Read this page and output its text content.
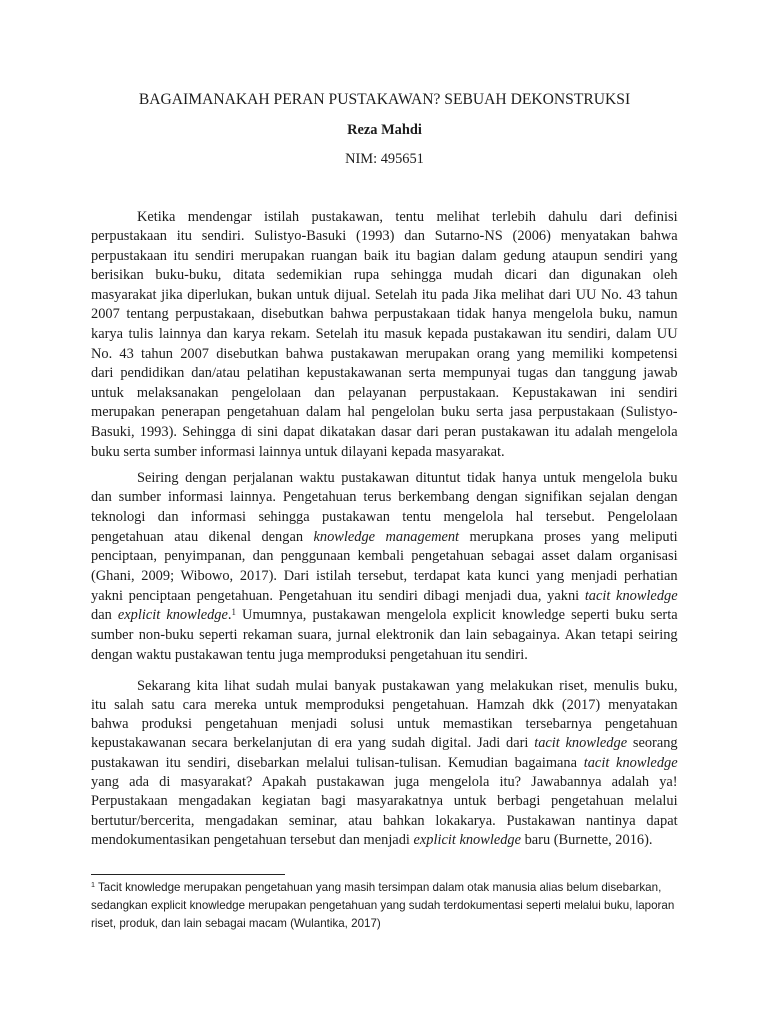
BAGAIMANAKAH PERAN PUSTAKAWAN? SEBUAH DEKONSTRUKSI
Reza Mahdi
NIM: 495651
Ketika mendengar istilah pustakawan, tentu melihat terlebih dahulu dari definisi
perpustakaan itu sendiri. Sulistyo-Basuki (1993) dan Sutarno-NS (2006) menyatakan bahwa
perpustakaan itu sendiri merupakan ruangan baik itu bagian dalam gedung ataupun sendiri yang
berisikan buku-buku, ditata sedemikian rupa sehingga mudah dicari dan digunakan oleh
masyarakat jika diperlukan, bukan untuk dijual. Setelah itu pada Jika melihat dari UU No. 43 tahun
2007 tentang perpustakaan, disebutkan bahwa perpustakaan tidak hanya mengelola buku, namun
karya tulis lainnya dan karya rekam. Setelah itu masuk kepada pustakawan itu sendiri, dalam UU
No. 43 tahun 2007 disebutkan bahwa pustakawan merupakan orang yang memiliki kompetensi
dari pendidikan dan/atau pelatihan kepustakawanan serta mempunyai tugas dan tanggung jawab
untuk melaksanakan pengelolaan dan pelayanan perpustakaan. Kepustakawan ini sendiri
merupakan penerapan pengetahuan dalam hal pengelolan buku serta jasa perpustakaan (Sulistyo-
Basuki, 1993). Sehingga di sini dapat dikatakan dasar dari peran pustakawan itu adalah mengelola
buku serta sumber informasi lainnya untuk dilayani kepada masyarakat.
Seiring dengan perjalanan waktu pustakawan dituntut tidak hanya untuk mengelola buku
dan sumber informasi lainnya. Pengetahuan terus berkembang dengan signifikan sejalan dengan
teknologi dan informasi sehingga pustakawan tentu mengelola hal tersebut. Pengelolaan
pengetahuan atau dikenal dengan knowledge management merupkana proses yang meliputi
penciptaan, penyimpanan, dan penggunaan kembali pengetahuan sebagai asset dalam organisasi
(Ghani, 2009; Wibowo, 2017). Dari istilah tersebut, terdapat kata kunci yang menjadi perhatian
yakni penciptaan pengetahuan. Pengetahuan itu sendiri dibagi menjadi dua, yakni tacit knowledge
dan explicit knowledge.$^1$ Umumnya, pustakawan mengelola explicit knowledge seperti buku serta
sumber non-buku seperti rekaman suara, jurnal elektronik dan lain sebagainya. Akan tetapi seiring
dengan waktu pustakawan tentu juga memproduksi pengetahuan itu sendiri.
Sekarang kita lihat sudah mulai banyak pustakawan yang melakukan riset, menulis buku,
itu salah satu cara mereka untuk memproduksi pengetahuan. Hamzah dkk (2017) menyatakan
bahwa produksi pengetahuan menjadi solusi untuk memastikan tersebarnya pengetahuan
kepustakawanan secara berkelanjutan di era yang sudah digital. Jadi dari tacit knowledge seorang
pustakawan itu sendiri, disebarkan melalui tulisan-tulisan. Kemudian bagaimana tacit knowledge
yang ada di masyarakat? Apakah pustakawan juga mengelola itu? Jawabannya adalah ya!
Perpustakaan mengadakan kegiatan bagi masyarakatnya untuk berbagi pengetahuan melalui
bertutur/bercerita, mengadakan seminar, atau bahkan lokakarya. Pustakawan nantinya dapat
mendokumentasikan pengetahuan tersebut dan menjadi explicit knowledge baru (Burnette, 2016).
$^1$ Tacit knowledge merupakan pengetahuan yang masih tersimpan dalam otak manusia alias belum disebarkan,
sedangkan explicit knowledge merupakan pengetahuan yang sudah terdokumentasi seperti melalui buku, laporan
riset, produk, dan lain sebagai macam (Wulantika, 2017)
